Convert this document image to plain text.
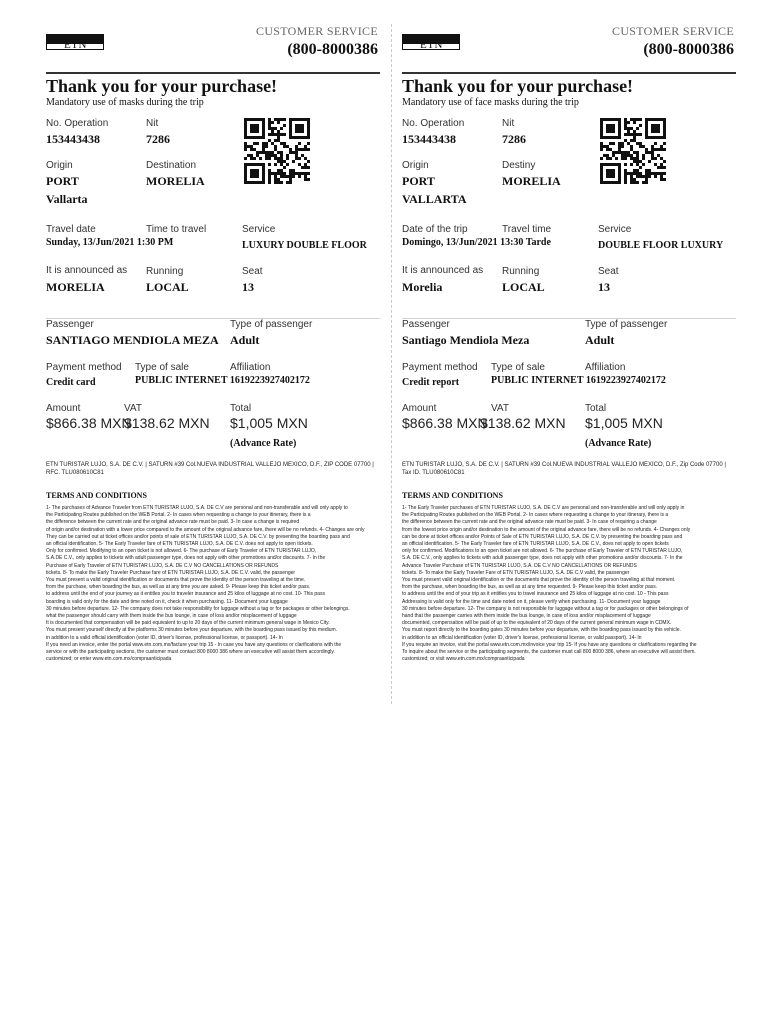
ETN
CUSTOMER SERVICE
(800-8000386
Thank you for your purchase!
Mandatory use of masks during the trip
No. Operation
153443438
Nit
7286
Origin
PORT
Vallarta
Destination
MORELIA
Travel date
Sunday, 13/Jun/2021 1:30 PM
Time to travel	Service
LUXURY DOUBLE FLOOR
It is announced as
MORELIA
Running
LOCAL
Seat
13
Passenger
SANTIAGO MENDIOLA MEZA
Type of passenger
Adult
Payment method
Credit card
Type of sale
PUBLIC INTERNET 1619223927402172
Affiliation
Amount
$866.38 MXN
VAT
$138.62 MXN
Total
$1,005 MXN
(Advance Rate)
ETN TURISTAR LUJO, S.A. DE C.V. | SATURN #39 Col.NUEVA INDUSTRIAL VALLEJO MEXICO, D.F., ZIP CODE 07700 | RFC. TLU080610C81
TERMS AND CONDITIONS
1- The purchases of Advance Traveler from ETN TURISTAR LUJO, S.A. DE C.V are personal and non-transferable and will only apply to
the Participating Routes published on the WEB Portal. 2- In cases when requesting a change to your itinerary, there is a
the difference between the current rate and the original advance rate must be paid. 3- In case a change is required
of origin and/or destination with a lower price compared to the amount of the original advance fare, there will be no refunds. 4- Changes are only
They can be carried out at ticket offices and/or points of sale of ETN TURISTAR LUJO, S.A. DE C.V. by presenting the boarding pass and
an official identification. 5- The Early Traveler fare of ETN TURISTAR LUJO, S.A. DE C.V. does not apply to open tickets.
Only for confirmed. Modifying to an open ticket is not allowed. 6- The purchase of Early Traveler of ETN TURISTAR LUJO,
S.A.DE C.V., only applies to tickets with adult passenger type, does not apply with other promotions and/or discounts. 7- In the
Purchase of Early Traveler of ETN TURISTAR LUJO, S.A. DE C.V NO CANCELLATIONS OR REFUNDS
tickets. 8- To make the Early Traveler Purchase fare of ETN TURISTAR LUJO, S.A. DE C.V. valid, the passenger
You must present a valid original identification or documents that prove the identity of the person traveling at the time.
from the purchase, when boarding the bus, as well as at any time you are asked. 9- Please keep this ticket and/or pass.
to address until the end of your journey as it entitles you to traveler insurance and 25 kilos of luggage at no cost. 10- This pass
boarding is valid only for the date and time noted on it, check it when purchasing. 11- Document your luggage
30 minutes before departure. 12- The company does not take responsibility for luggage without a tag or for packages or other belongings.
what the passenger should carry with them inside the bus lounge, in case of loss and/or misplacement of luggage
It is documented that compensation will be paid equivalent to up to 20 days of the current minimum general wage in Mexico City.
You must present yourself directly at the platforms 30 minutes before your departure, with the boarding pass issued by this medium.
in addition to a valid official identification (voter ID, driver's license, professional license, or passport). 14- In
If you need an invoice, enter the portal www.etn.com.mx/facture your trip 15 - In case you have any questions or clarifications with the
service or with the participating sections, the customer must contact 800 8000 386 where an executive will assist them accordingly.
customized; or enter www.etn.com.mx/compraanticipada
ETN
CUSTOMER SERVICE
(800-8000386
Thank you for your purchase!
Mandatory use of face masks during the trip
No. Operation
153443438
Nit
7286
Origin
PORT
VALLARTA
Destiny
MORELIA
Date of the trip
Domingo, 13/Jun/2021 13:30 Tarde
Travel time	Service
DOUBLE FLOOR LUXURY
It is announced as
Morelia
Running
LOCAL
Seat
13
Passenger
Santiago Mendiola Meza
Type of passenger
Adult
Payment method
Credit report
Type of sale
PUBLIC INTERNET 1619223927402172
Affiliation
Amount
$866.38 MXN
VAT
$138.62 MXN
Total
$1,005 MXN
(Advance Rate)
ETN TURISTAR LUJO, S.A. DE C.V. | SATURN #39 Col.NUEVA INDUSTRIAL VALLEJO MEXICO, D.F., Zip Code 07700 | Tax ID. TLU080610C81
TERMS AND CONDITIONS
1- The Early Traveler purchases of ETN TURISTAR LUJO, S.A. DE C.V are personal and non-transferable and will only apply in
the Participating Routes published on the WEB Portal. 2- In cases where requesting a change to your itinerary, there is a
the difference between the current rate and the original advance rate must be paid. 3- In case of requiring a change
from the lowest price origin and/or destination to the amount of the original advance fare, there will be no refunds. 4- Changes only
can be done at ticket offices and/or Points of Sale of ETN TURISTAR LUJO, S.A. DE C.V. by presenting the boarding pass and
an official identification. 5- The Early Traveler fare of ETN TURISTAR LUJO, S.A. DE C.V., does not apply to open tickets
only for confirmed. Modifications to an open ticket are not allowed. 6- The purchase of Early Traveler of ETN TURISTAR LUJO,
S.A. DE C.V., only applies to tickets with adult passenger type, does not apply with other promotions and/or discounts. 7- In the
Advance Traveler Purchase of ETN TURISTAR LUJO, S.A. DE C.V NO CANCELLATIONS OR REFUNDS
tickets. 8- To make the Early Traveler Fare of ETN TURISTAR LUJO, S.A. DE C.V valid, the passenger
You must present valid original identification or the documents that prove the identity of the person traveling at that moment.
from the purchase, when boarding the bus, as well as at any time requested. 9- Please keep this ticket and/or pass.
to address until the end of your trip as it entitles you to travel insurance and 25 kilos of luggage at no cost. 10 - This pass
Addressing is valid only for the time and date noted on it, please verify when purchasing. 11- Document your luggage
30 minutes before departure. 12- The company is not responsible for luggage without a tag or for packages or other belongings of
hand that the passenger carries with them inside the bus lounge, in case of loss and/or misplacement of luggage
documented, compensation will be paid of up to the equivalent of 20 days of the current general minimum wage in CDMX.
You must report directly to the boarding gates 30 minutes before your departure, with the boarding pass issued by this vehicle.
in addition to an official identification (voter ID, driver's license, professional license, or valid passport). 14- In
If you require an invoice, visit the portal www.etn.com.mx/invoice your trip 15- If you have any questions or clarifications regarding the
To inquire about the service or the participating segments, the customer must call 800 8000 386, where an executive will assist them.
customized; or visit www.etn.com.mx/compraanticipada
